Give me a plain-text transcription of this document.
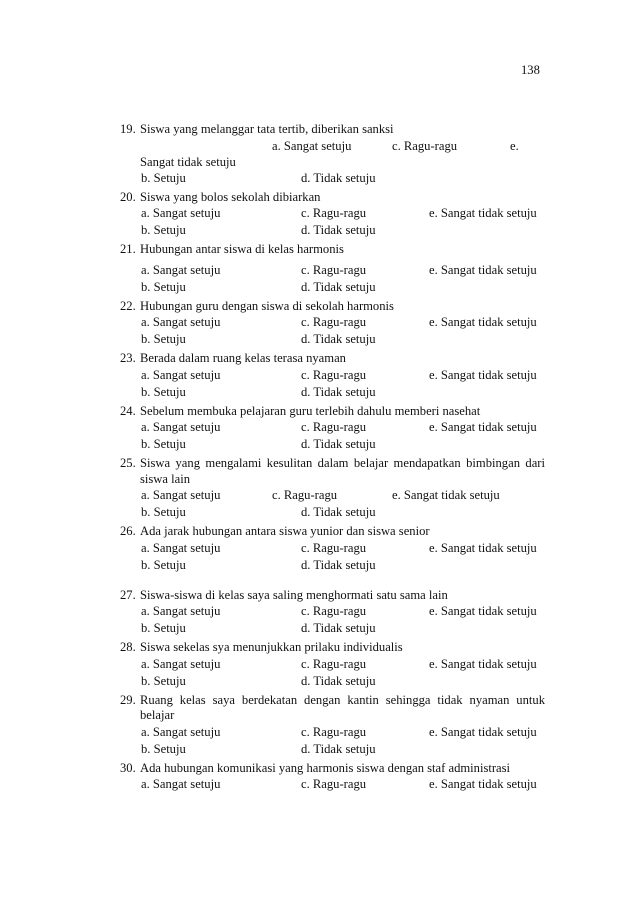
138
19. Siswa yang melanggar tata tertib, diberikan sanksi
a. Sangat setuju	c. Ragu-ragu	e.
Sangat tidak setuju
b. Setuju	d. Tidak setuju
20. Siswa yang bolos sekolah dibiarkan
a. Sangat setuju	c. Ragu-ragu	e. Sangat tidak setuju
b. Setuju	d. Tidak setuju
21. Hubungan antar siswa di kelas harmonis
a. Sangat setuju	c. Ragu-ragu	e. Sangat tidak setuju
b. Setuju	d. Tidak setuju
22. Hubungan guru dengan siswa di sekolah harmonis
a. Sangat setuju	c. Ragu-ragu	e. Sangat tidak setuju
b. Setuju	d. Tidak setuju
23. Berada dalam ruang kelas terasa nyaman
a. Sangat setuju	c. Ragu-ragu	e. Sangat tidak setuju
b. Setuju	d. Tidak setuju
24. Sebelum membuka pelajaran guru terlebih dahulu memberi nasehat
a. Sangat setuju	c. Ragu-ragu	e. Sangat tidak setuju
b. Setuju	d. Tidak setuju
25. Siswa yang mengalami kesulitan dalam belajar mendapatkan bimbingan dari siswa lain
a. Sangat setuju	c. Ragu-ragu	e. Sangat tidak setuju
b. Setuju	d. Tidak setuju
26. Ada jarak hubungan antara siswa yunior dan siswa senior
a. Sangat setuju	c. Ragu-ragu	e. Sangat tidak setuju
b. Setuju	d. Tidak setuju
27. Siswa-siswa di kelas saya saling menghormati satu sama lain
a. Sangat setuju	c. Ragu-ragu	e. Sangat tidak setuju
b. Setuju	d. Tidak setuju
28. Siswa sekelas sya menunjukkan prilaku individualis
a. Sangat setuju	c. Ragu-ragu	e. Sangat tidak setuju
b. Setuju	d. Tidak setuju
29. Ruang kelas saya berdekatan dengan kantin sehingga tidak nyaman untuk belajar
a. Sangat setuju	c. Ragu-ragu	e. Sangat tidak setuju
b. Setuju	d. Tidak setuju
30. Ada hubungan komunikasi yang harmonis siswa dengan staf administrasi
a. Sangat setuju	c. Ragu-ragu	e. Sangat tidak setuju
